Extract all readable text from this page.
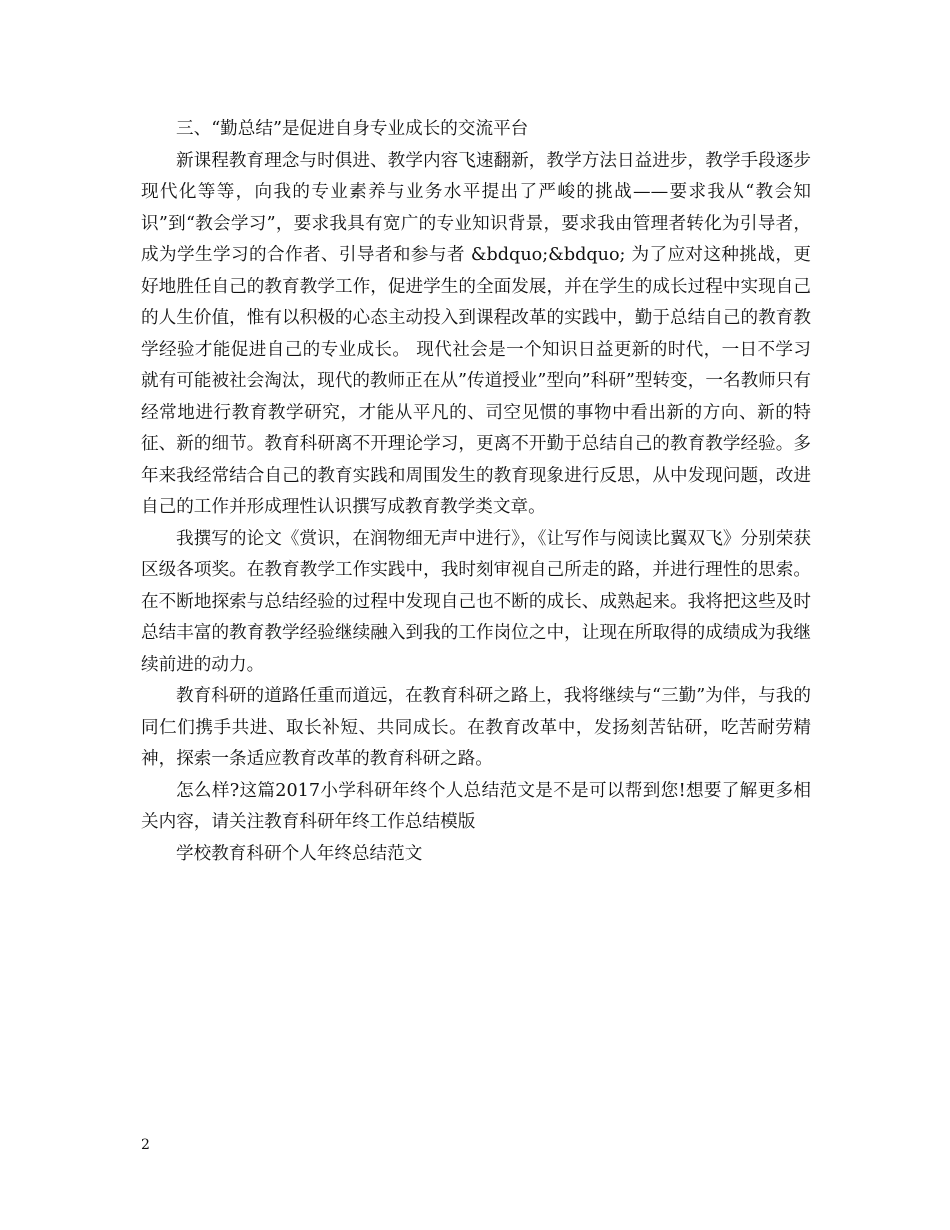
三、“勤总结”是促进自身专业成长的交流平台

新课程教育理念与时俱进、教学内容飞速翻新，教学方法日益进步，教学手段逐步现代化等等，向我的专业素养与业务水平提出了严峻的挑战——要求我从“教会知识”到“教会学习”，要求我具有宽广的专业知识背景，要求我由管理者转化为引导者，成为学生学习的合作者、引导者和参与者 &bdquo;&bdquo; 为了应对这种挑战，更好地胜任自己的教育教学工作，促进学生的全面发展，并在学生的成长过程中实现自己的人生价值，惟有以积极的心态主动投入到课程改革的实践中，勤于总结自己的教育教学经验才能促进自己的专业成长。 现代社会是一个知识日益更新的时代，一日不学习就有可能被社会淘汰，现代的教师正在从”传道授业”型向”科研”型转变，一名教师只有经常地进行教育教学研究，才能从平凡的、司空见惯的事物中看出新的方向、新的特征、新的细节。教育科研离不开理论学习，更离不开勤于总结自己的教育教学经验。多年来我经常结合自己的教育实践和周围发生的教育现象进行反思，从中发现问题，改进自己的工作并形成理性认识撰写成教育教学类文章。

我撰写的论文《赏识，在润物细无声中进行》，《让写作与阅读比翼双飞》分别荣获区级各项奖。在教育教学工作实践中，我时刻审视自己所走的路，并进行理性的思索。在不断地探索与总结经验的过程中发现自己也不断的成长、成熟起来。我将把这些及时总结丰富的教育教学经验继续融入到我的工作岗位之中，让现在所取得的成绩成为我继续前进的动力。

教育科研的道路任重而道远，在教育科研之路上，我将继续与“三勤”为伴，与我的同仁们携手共进、取长补短、共同成长。在教育改革中，发扬刻苦钻研，吃苦耐劳精神，探索一条适应教育改革的教育科研之路。

怎么样?这篇2017小学科研年终个人总结范文是不是可以帮到您!想要了解更多相关内容，请关注教育科研年终工作总结模版

学校教育科研个人年终总结范文

2
